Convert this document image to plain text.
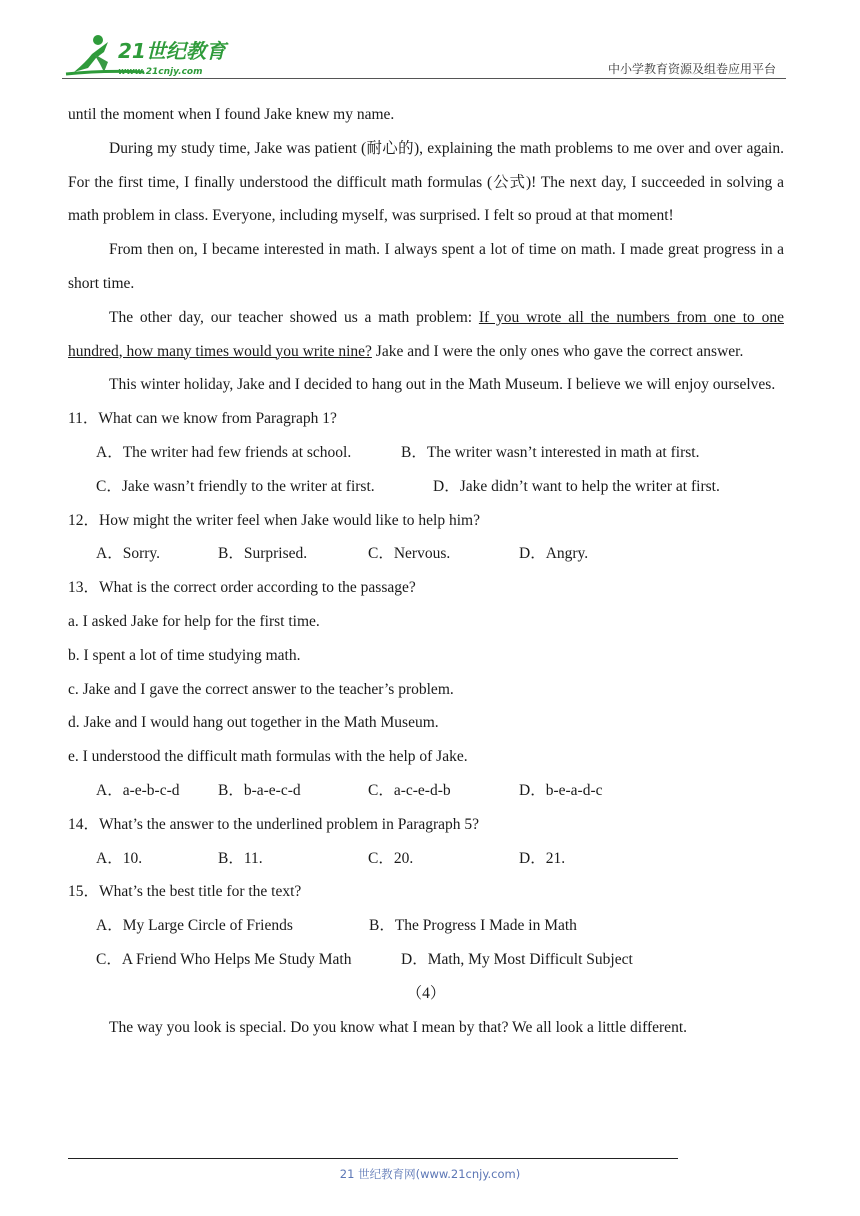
21世纪教育
www.21cnjy.com	中小学教育资源及组卷应用平台

until the moment when I found Jake knew my name.

During my study time, Jake was patient (耐心的), explaining the math problems to me over and over again. For the first time, I finally understood the difficult math formulas (公式)! The next day, I succeeded in solving a math problem in class. Everyone, including myself, was surprised. I felt so proud at that moment!

From then on, I became interested in math. I always spent a lot of time on math. I made great progress in a short time.

The other day, our teacher showed us a math problem: If you wrote all the numbers from one to one hundred, how many times would you write nine? Jake and I were the only ones who gave the correct answer.

This winter holiday, Jake and I decided to hang out in the Math Museum. I believe we will enjoy ourselves.

11．What can we know from Paragraph 1?
A．The writer had few friends at school.	B．The writer wasn’t interested in math at first.
C．Jake wasn’t friendly to the writer at first.	D．Jake didn’t want to help the writer at first.
12．How might the writer feel when Jake would like to help him?
A．Sorry.	B．Surprised.	C．Nervous.	D．Angry.
13．What is the correct order according to the passage?
a. I asked Jake for help for the first time.
b. I spent a lot of time studying math.
c. Jake and I gave the correct answer to the teacher’s problem.
d. Jake and I would hang out together in the Math Museum.
e. I understood the difficult math formulas with the help of Jake.
A．a-e-b-c-d B．b-a-e-c-d	C．a-c-e-d-b	D．b-e-a-d-c
14．What’s the answer to the underlined problem in Paragraph 5?
A．10.	B．11.	C．20.	D．21.
15．What’s the best title for the text?
A．My Large Circle of Friends	B．The Progress I Made in Math
C．A Friend Who Helps Me Study Math	D．Math, My Most Difficult Subject
（4）

The way you look is special. Do you know what I mean by that? We all look a little different.

21 世纪教育网(www.21cnjy.com)
